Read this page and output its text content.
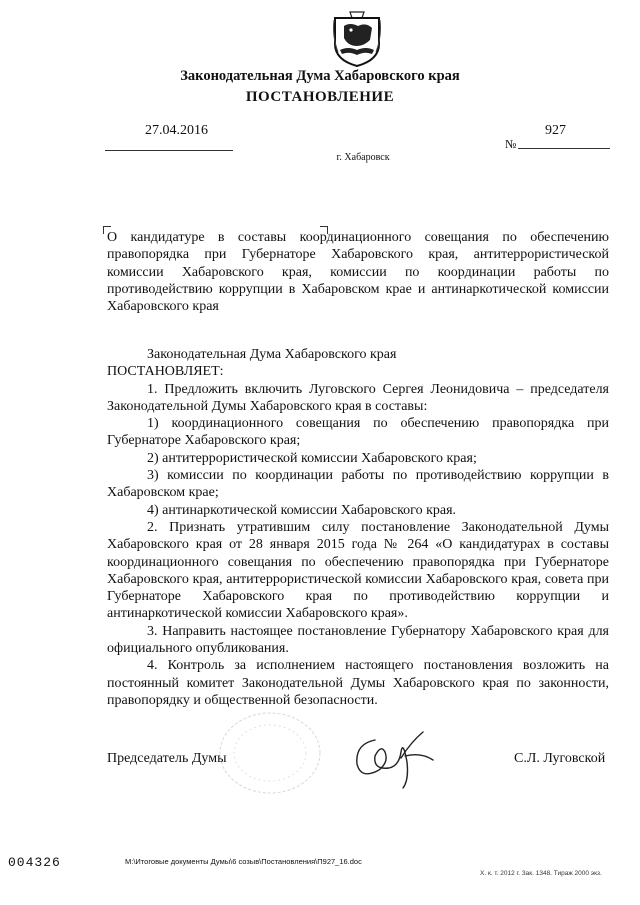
Законодательная Дума Хабаровского края
ПОСТАНОВЛЕНИЕ
27.04.2016
№
927
г. Хабаровск
О кандидатуре в составы координационного совещания по обеспечению правопорядка при Губернаторе Хабаровского края, антитеррористической комиссии Хабаровского края, комиссии по координации работы по противодействию коррупции в Хабаровском крае и антинаркотической комиссии Хабаровского края

Законодательная Дума Хабаровского края

ПОСТАНОВЛЯЕТ:

1. Предложить включить Луговского Сергея Леонидовича – председателя Законодательной Думы Хабаровского края в составы:

1) координационного совещания по обеспечению правопорядка при Губернаторе Хабаровского края;

2) антитеррористической комиссии Хабаровского края;

3) комиссии по координации работы по противодействию коррупции в Хабаровском крае;

4) антинаркотической комиссии Хабаровского края.

2. Признать утратившим силу постановление Законодательной Думы Хабаровского края от 28 января 2015 года № 264 «О кандидатурах в составы координационного совещания по обеспечению правопорядка при Губернаторе Хабаровского края, антитеррористической комиссии Хабаровского края, совета при Губернаторе Хабаровского края по противодействию коррупции и антинаркотической комиссии Хабаровского края».

3. Направить настоящее постановление Губернатору Хабаровского края для официального опубликования.

4. Контроль за исполнением настоящего постановления возложить на постоянный комитет Законодательной Думы Хабаровского края по законности, правопорядку и общественной безопасности.

Председатель Думы	С.Л. Луговской
004326	M:\Итоговые документы Думы\6 созыв\Постановления\П927_16.doc
Х. к. т. 2012 г. Зак. 1348. Тираж 2000 экз.
